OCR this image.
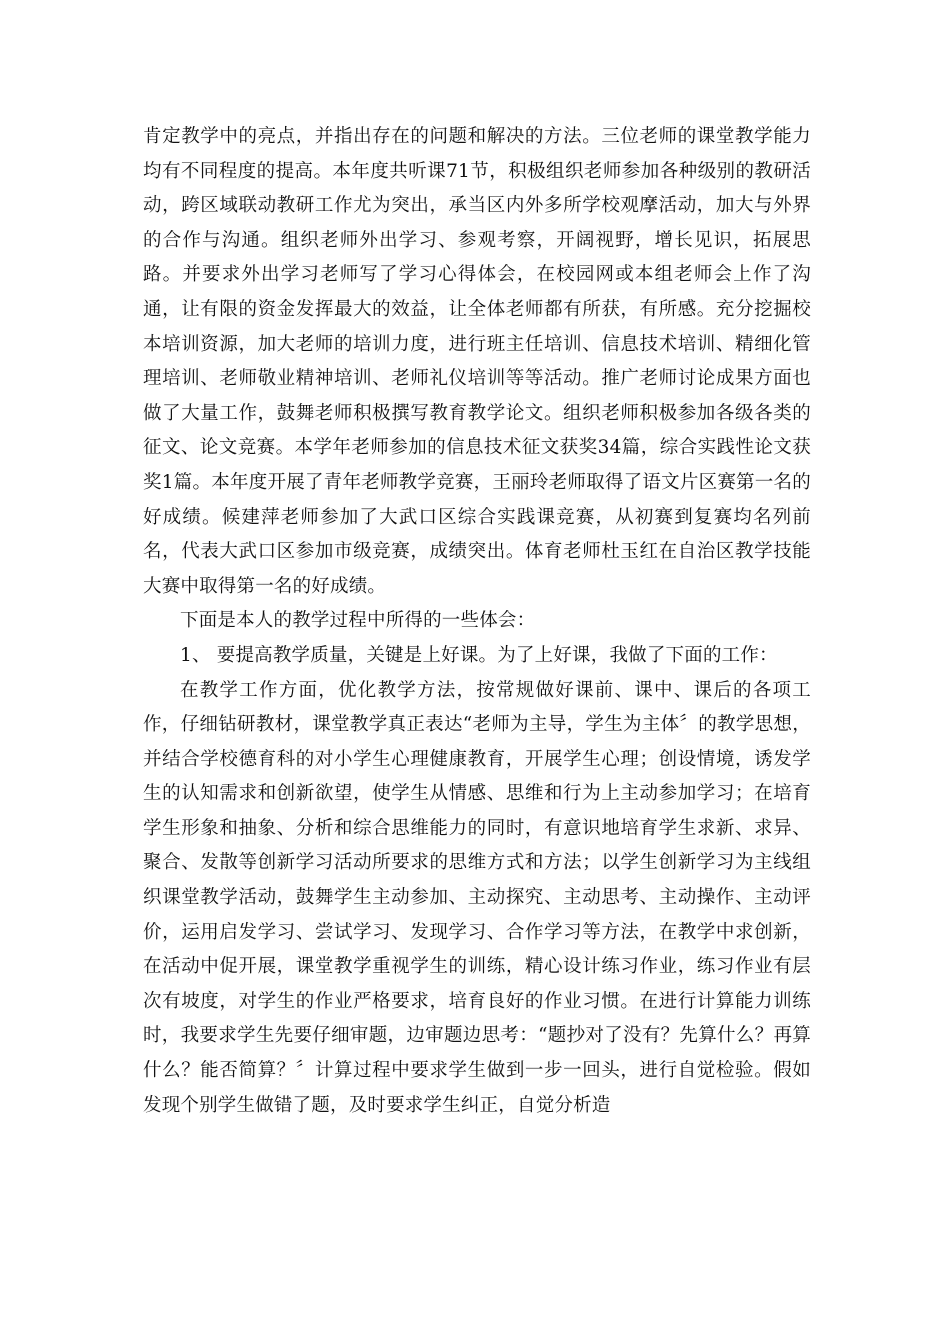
肯定教学中的亮点，并指出存在的问题和解决的方法。三位老师的课堂教学能力均有不同程度的提高。本年度共听课71节，积极组织老师参加各种级别的教研活动，跨区域联动教研工作尤为突出，承当区内外多所学校观摩活动，加大与外界的合作与沟通。组织老师外出学习、参观考察，开阔视野，增长见识，拓展思路。并要求外出学习老师写了学习心得体会，在校园网或本组老师会上作了沟通，让有限的资金发挥最大的效益，让全体老师都有所获，有所感。充分挖掘校本培训资源，加大老师的培训力度，进行班主任培训、信息技术培训、精细化管理培训、老师敬业精神培训、老师礼仪培训等等活动。推广老师讨论成果方面也做了大量工作，鼓舞老师积极撰写教育教学论文。组织老师积极参加各级各类的征文、论文竞赛。本学年老师参加的信息技术征文获奖34篇，综合实践性论文获奖1篇。本年度开展了青年老师教学竞赛，王丽玲老师取得了语文片区赛第一名的好成绩。候建萍老师参加了大武口区综合实践课竞赛，从初赛到复赛均名列前名，代表大武口区参加市级竞赛，成绩突出。体育老师杜玉红在自治区教学技能大赛中取得第一名的好成绩。

下面是本人的教学过程中所得的一些体会：

1、 要提高教学质量，关键是上好课。为了上好课，我做了下面的工作：

在教学工作方面，优化教学方法，按常规做好课前、课中、课后的各项工作，仔细钻研教材，课堂教学真正表达“老师为主导，学生为主体〞的教学思想，并结合学校德育科的对小学生心理健康教育，开展学生心理；创设情境，诱发学生的认知需求和创新欲望，使学生从情感、思维和行为上主动参加学习；在培育学生形象和抽象、分析和综合思维能力的同时，有意识地培育学生求新、求异、聚合、发散等创新学习活动所要求的思维方式和方法；以学生创新学习为主线组织课堂教学活动，鼓舞学生主动参加、主动探究、主动思考、主动操作、主动评价，运用启发学习、尝试学习、发现学习、合作学习等方法，在教学中求创新，在活动中促开展，课堂教学重视学生的训练，精心设计练习作业，练习作业有层次有坡度，对学生的作业严格要求，培育良好的作业习惯。在进行计算能力训练时，我要求学生先要仔细审题，边审题边思考：“题抄对了没有？先算什么？再算什么？能否简算？〞计算过程中要求学生做到一步一回头，进行自觉检验。假如发现个别学生做错了题，及时要求学生纠正，自觉分析造
